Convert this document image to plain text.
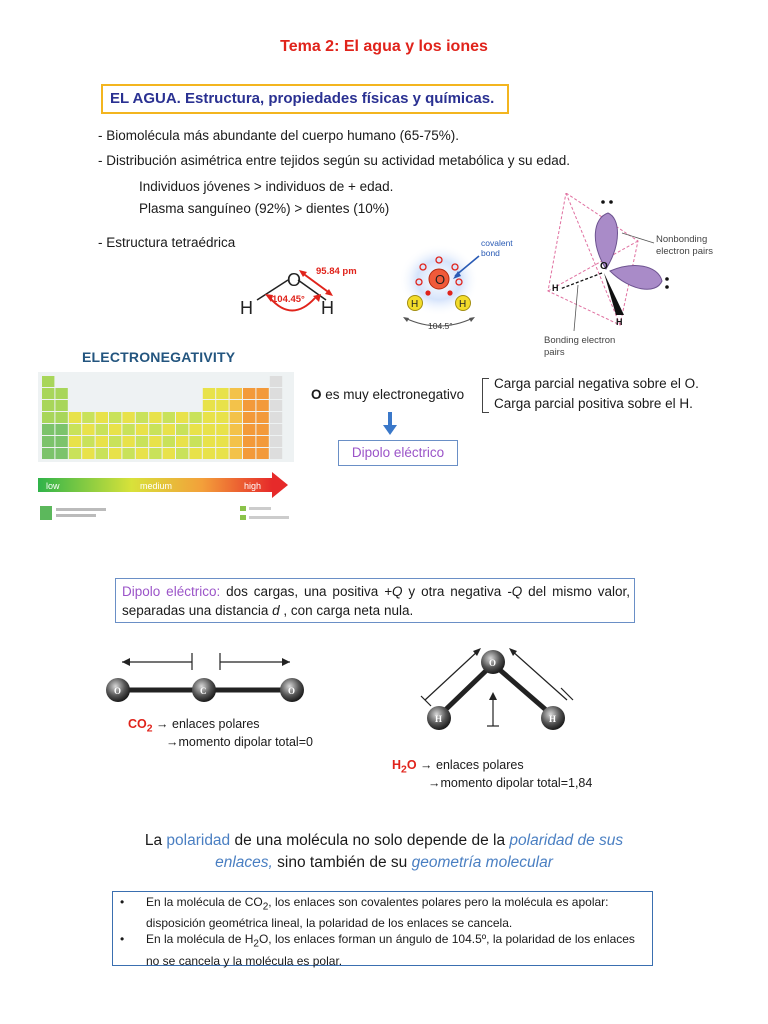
Tema 2: El agua y los iones
EL AGUA. Estructura, propiedades físicas y químicas.
- Biomolécula más abundante del cuerpo humano (65-75%).
- Distribución asimétrica entre tejidos según su actividad metabólica y su edad.
Individuos jóvenes > individuos de + edad.
Plasma sanguíneo (92%) > dientes (10%)
- Estructura tetraédrica
O
H	H
95.84 pm
104.45°
O
H	H
covalent
bond
104.5°
O
H
H
Nonbonding
electron pairs
Bonding electron
pairs
low	medium	high
ELECTRONEGATIVITY
O es muy electronegativo
Carga parcial negativa sobre el O.
Carga parcial positiva sobre el H.
Dipolo eléctrico
Dipolo eléctrico: dos cargas, una positiva +Q y otra negativa -Q del mismo valor, separadas una distancia d , con carga neta nula.
O	C	O
$CO_2$ → enlaces polares
→momento dipolar total=0
O
H	H
$H_2O$ → enlaces polares
→momento dipolar total=1,84
La polaridad de una molécula no solo depende de la polaridad de sus
enlaces, sino también de su geometría molecular
•	En la molécula de $CO_2$, los enlaces son covalentes polares pero la molécula es apolar: disposición geométrica lineal, la polaridad de los enlaces se cancela.
•	En la molécula de $H_2O$, los enlaces forman un ángulo de 104.5º, la polaridad de los enlaces no se cancela y la molécula es polar.
